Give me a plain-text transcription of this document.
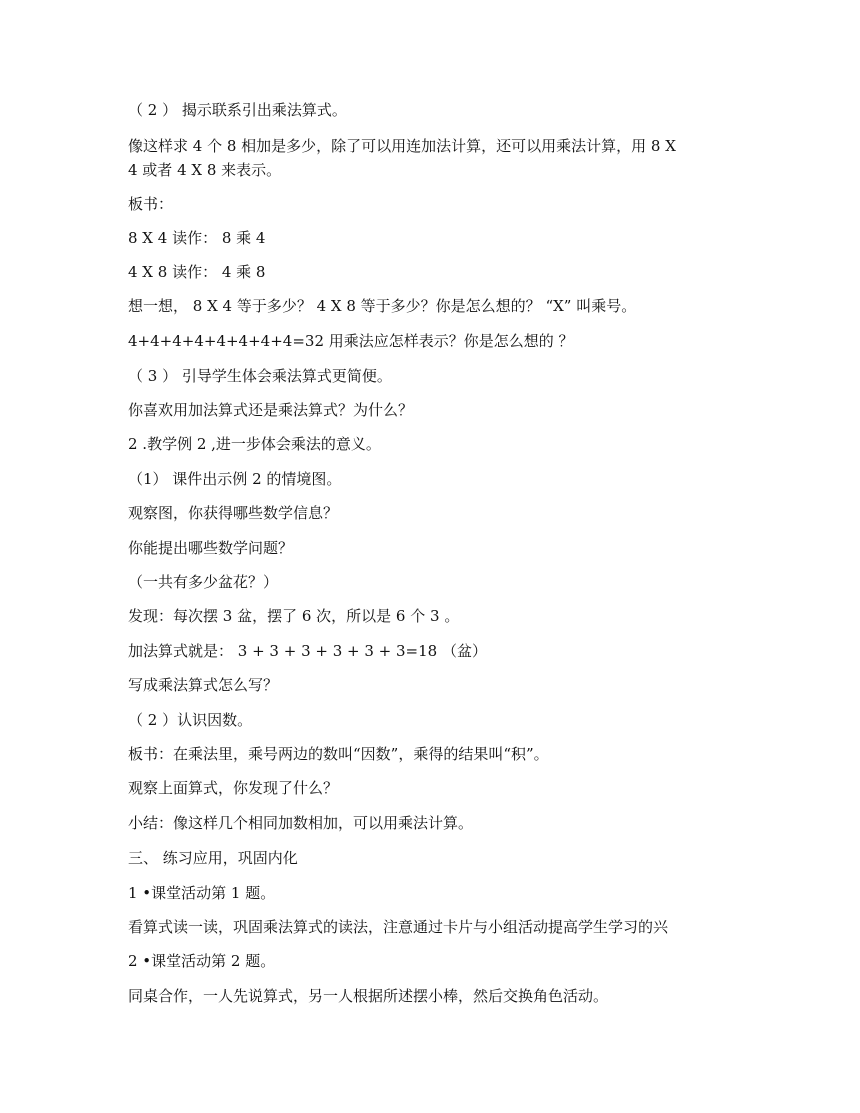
（ 2 ） 揭示联系引出乘法算式。

像这样求 4 个 8 相加是多少，除了可以用连加法计算，还可以用乘法计算，用 8 X

4 或者 4 X 8 来表示。

板书：

8 X 4 读作： 8 乘 4

4 X 8 读作： 4 乘 8

想一想， 8 X 4 等于多少？ 4 X 8 等于多少？你是怎么想的？ “X” 叫乘号。

4+4+4+4+4+4+4+4=32 用乘法应怎样表示？你是怎么想的 ？

（ 3 ） 引导学生体会乘法算式更简便。

你喜欢用加法算式还是乘法算式？为什么？

2 .教学例 2 ,进一步体会乘法的意义。

（1） 课件出示例 2 的情境图。

观察图，你获得哪些数学信息？

你能提出哪些数学问题？

（一共有多少盆花？）

发现：每次摆 3 盆，摆了 6 次，所以是 6 个 3 。

加法算式就是： 3 + 3 + 3 + 3 + 3 + 3=18 （盆）

写成乘法算式怎么写？

（ 2 ）认识因数。

板书：在乘法里，乘号两边的数叫“因数”，乘得的结果叫“积”。

观察上面算式，你发现了什么？

小结：像这样几个相同加数相加，可以用乘法计算。

三、 练习应用，巩固内化

1 •课堂活动第 1 题。

看算式读一读，巩固乘法算式的读法，注意通过卡片与小组活动提高学生学习的兴

2 •课堂活动第 2 题。

同桌合作，一人先说算式，另一人根据所述摆小棒，然后交换角色活动。
